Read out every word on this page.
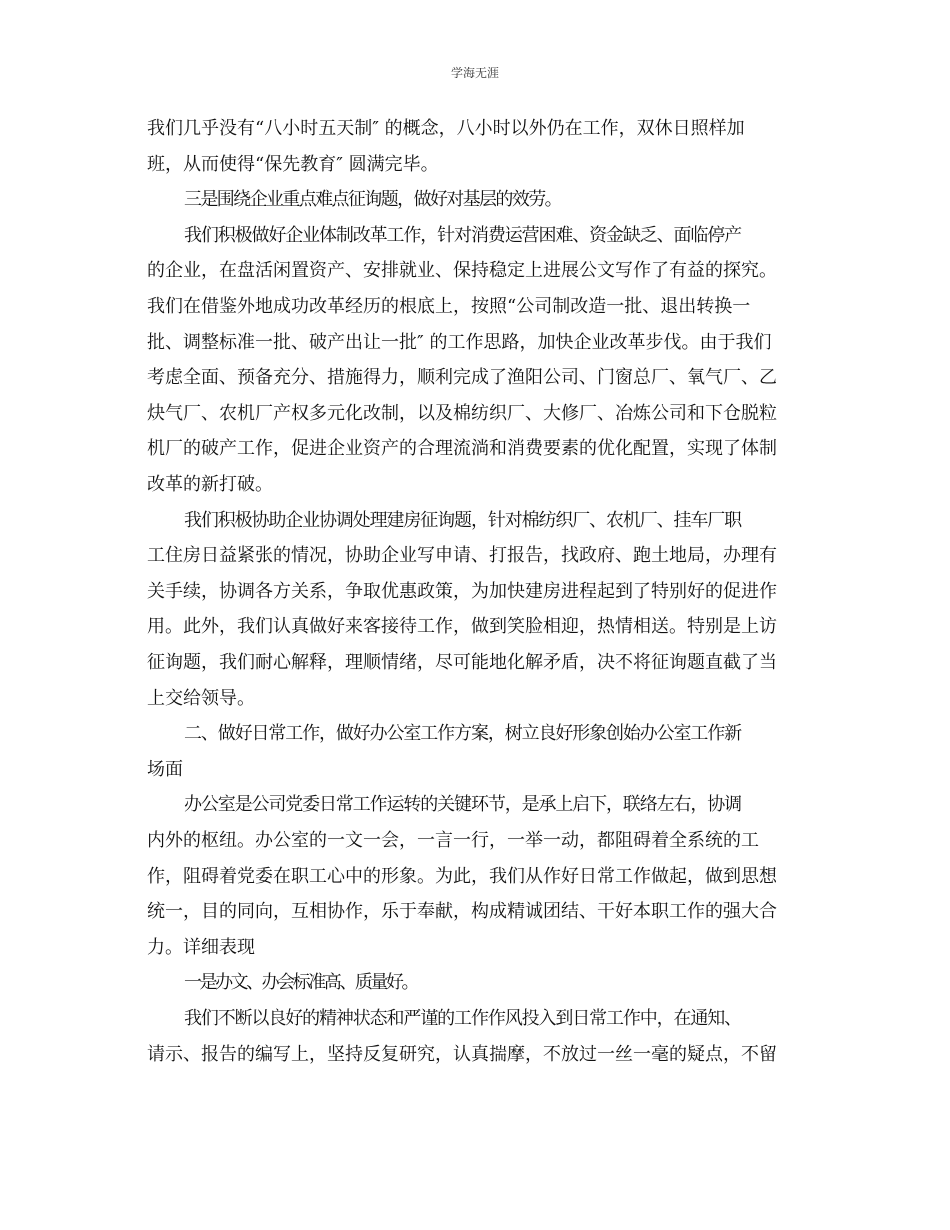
学海无涯
我们几乎没有“八小时五天制″ 的概念，八小时以外仍在工作，双休日照样加
班，从而使得“保先教育″ 圆满完毕。
三是围绕企业重点难点征询题，做好对基层的效劳。
我们积极做好企业体制改革工作，针对消费运营困难、资金缺乏、面临停产
的企业，在盘活闲置资产、安排就业、保持稳定上进展公文写作了有益的探究。
我们在借鉴外地成功改革经历的根底上，按照“公司制改造一批、退出转换一
批、调整标准一批、破产出让一批″ 的工作思路，加快企业改革步伐。由于我们
考虑全面、预备充分、措施得力，顺利完成了渔阳公司、门窗总厂、氧气厂、乙
炔气厂、农机厂产权多元化改制，以及棉纺织厂、大修厂、冶炼公司和下仓脱粒
机厂的破产工作，促进企业资产的合理流淌和消费要素的优化配置，实现了体制
改革的新打破。
我们积极协助企业协调处理建房征询题，针对棉纺织厂、农机厂、挂车厂职
工住房日益紧张的情况，协助企业写申请、打报告，找政府、跑土地局，办理有
关手续，协调各方关系，争取优惠政策，为加快建房进程起到了特别好的促进作
用。此外，我们认真做好来客接待工作，做到笑脸相迎，热情相送。特别是上访
征询题，我们耐心解释，理顺情绪，尽可能地化解矛盾，决不将征询题直截了当
上交给领导。
二、做好日常工作，做好办公室工作方案，树立良好形象创始办公室工作新
场面
办公室是公司党委日常工作运转的关键环节，是承上启下，联络左右，协调
内外的枢纽。办公室的一文一会，一言一行，一举一动，都阻碍着全系统的工
作，阻碍着党委在职工心中的形象。为此，我们从作好日常工作做起，做到思想
统一，目的同向，互相协作，乐于奉献，构成精诚团结、干好本职工作的强大合
力。详细表现
一是办文、办会标准高、质量好。
我们不断以良好的精神状态和严谨的工作作风投入到日常工作中，在通知、
请示、报告的编写上，坚持反复研究，认真揣摩，不放过一丝一毫的疑点，不留
